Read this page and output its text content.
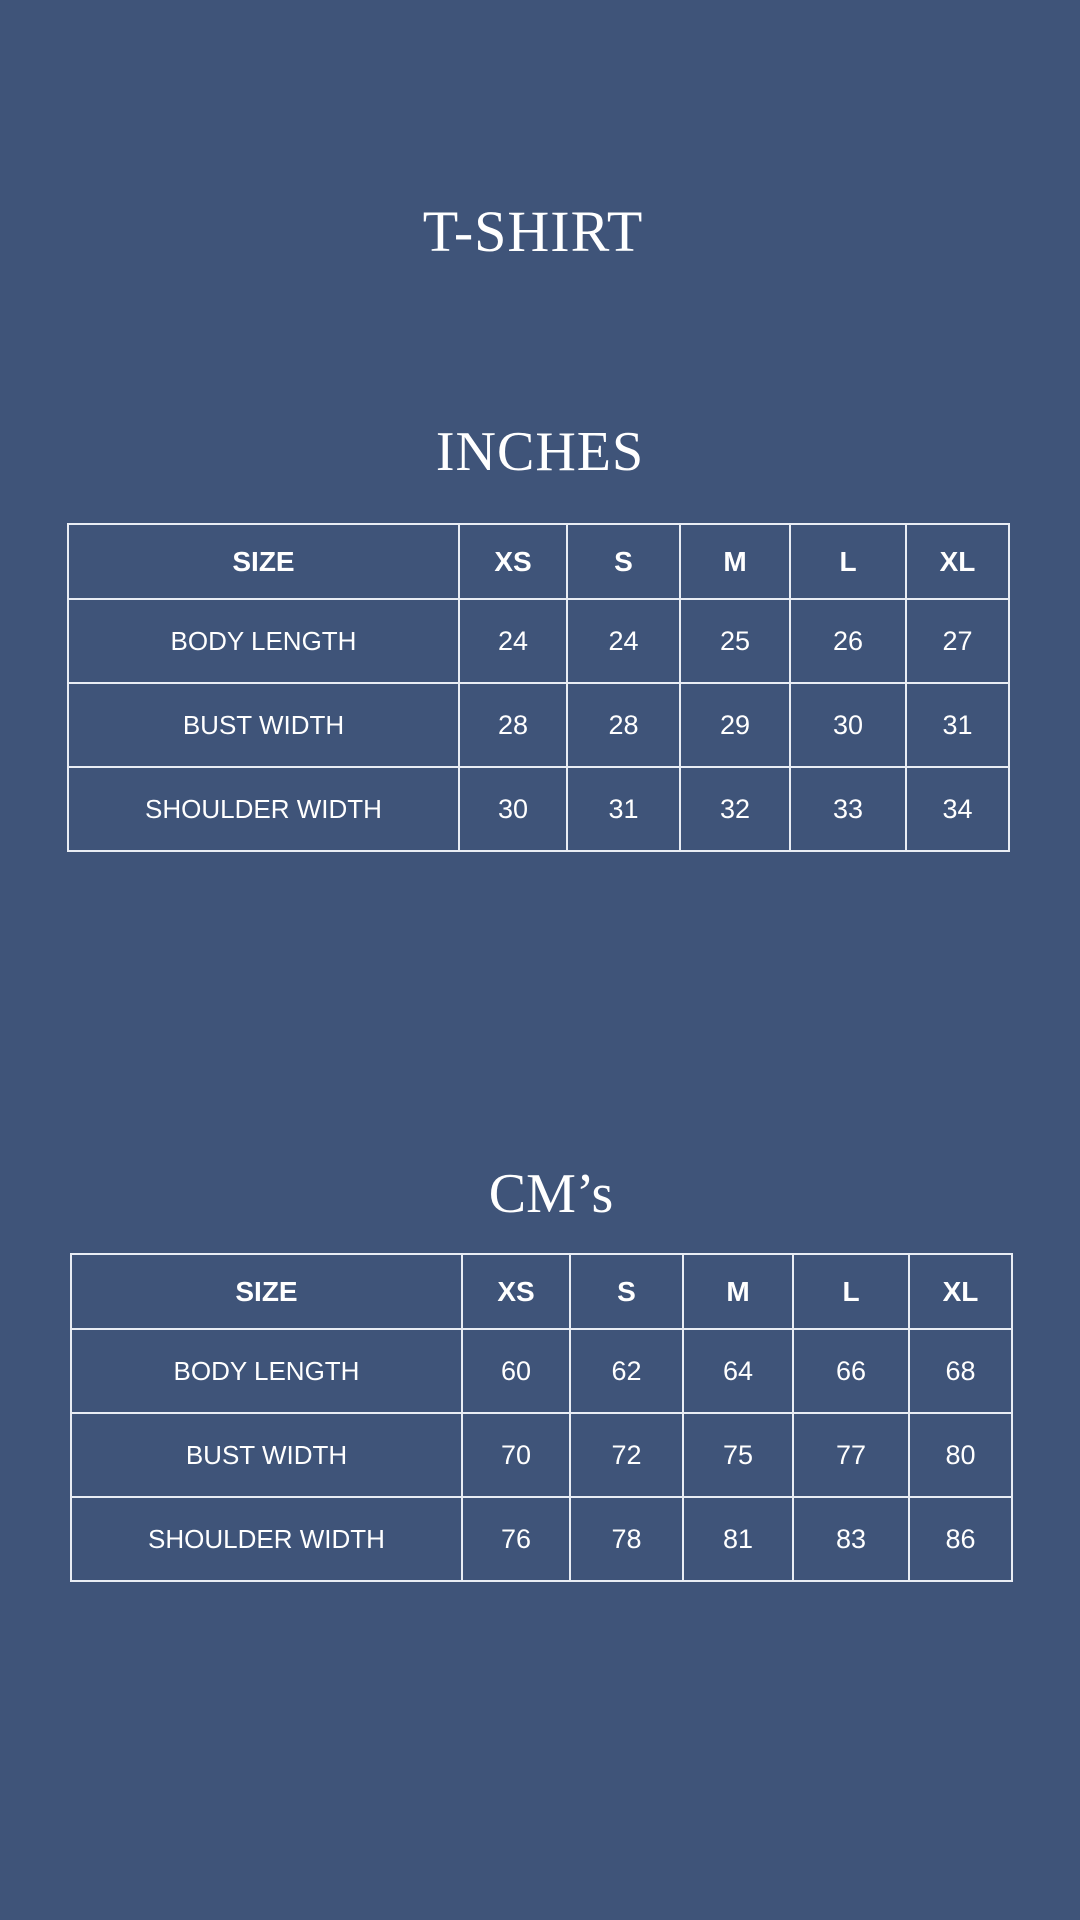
T-SHIRT
INCHES
SIZE	XS	S	M	L	XL
BODY LENGTH	24	24	25	26	27
BUST WIDTH	28	28	29	30	31
SHOULDER WIDTH	30	31	32	33	34
CM’s
SIZE	XS	S	M	L	XL
BODY LENGTH	60	62	64	66	68
BUST WIDTH	70	72	75	77	80
SHOULDER WIDTH	76	78	81	83	86
